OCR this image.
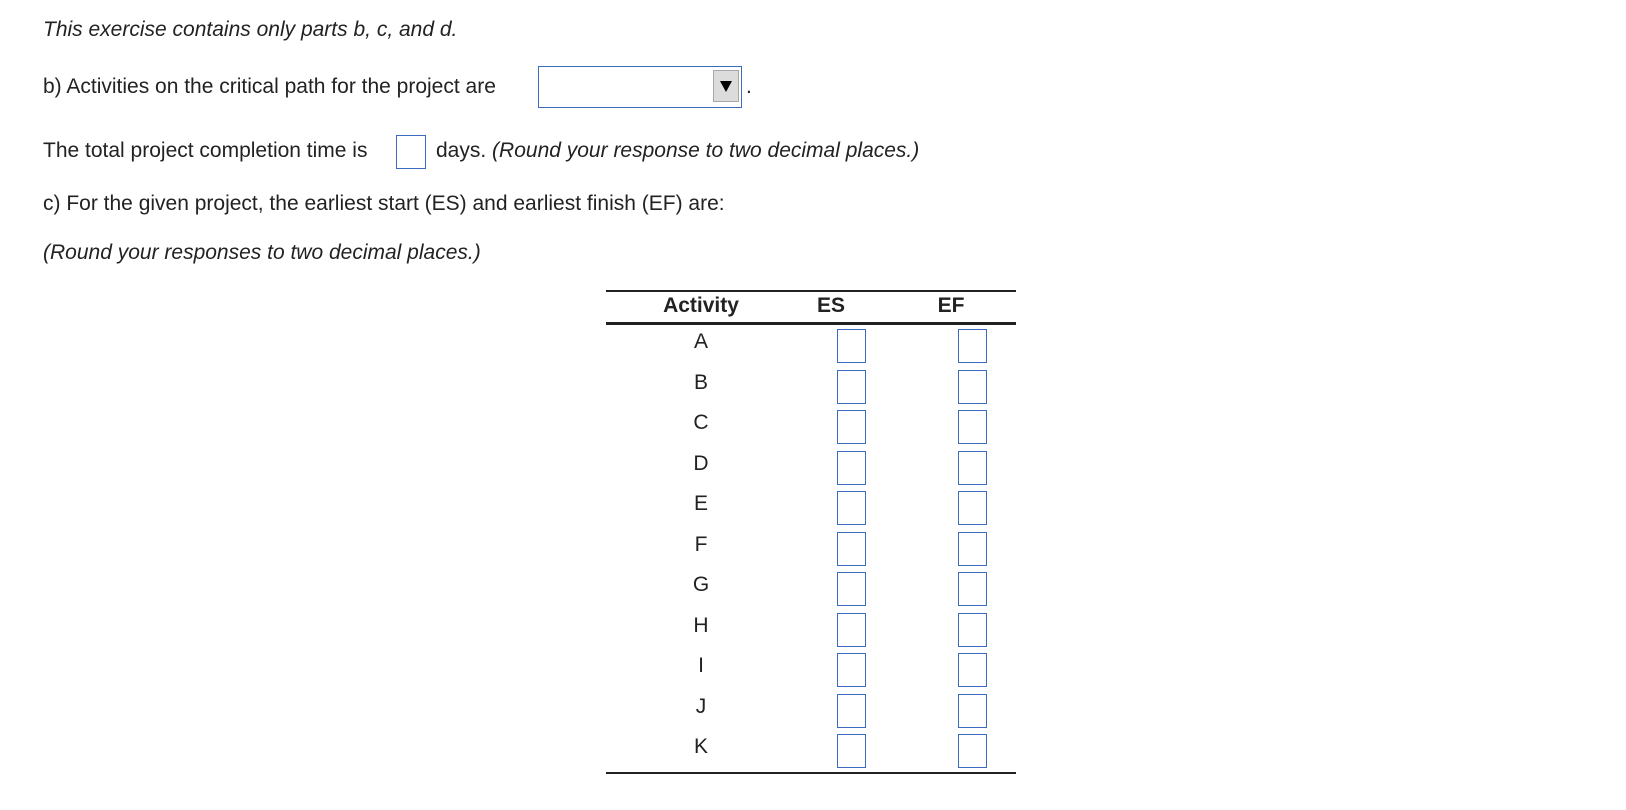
This exercise contains only parts b, c, and d.
b) Activities on the critical path for the project are	.
The total project completion time is	days. (Round your response to two decimal places.)
c) For the given project, the earliest start (ES) and earliest finish (EF) are:
(Round your responses to two decimal places.)
Activity	ES	EF
A
B
C
D
E
F
G
H
I
J
K
